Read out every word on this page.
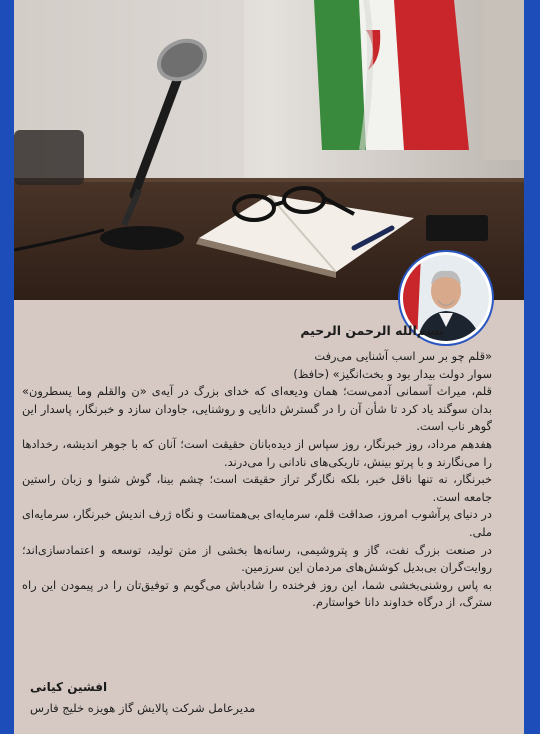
بسم‌الله الرحمن الرحیم

«قلم چو بر سر اسب آشنایی می‌رفت

سوار دولت بیدار بود و بخت‌انگیز» (حافظ)

قلم، میراث آسمانی آدمی‌ست؛ همان ودیعه‌ای که خدای بزرگ در آیه‌ی «ن والقلم وما یسطرون» بدان سوگند یاد کرد تا شأن آن را در گسترش دانایی و روشنایی، جاودان سازد و خبرنگار، پاسدار این گوهر ناب است.

هفدهم مرداد، روز خبرنگار، روز سپاس از دیده‌بانان حقیقت است؛ آنان که با جوهر اندیشه، رخدادها را می‌نگارند و با پرتو بینش، تاریکی‌های نادانی را می‌درند.

خبرنگار، نه تنها ناقل خبر، بلکه نگارگر تراز حقیقت است؛ چشم بینا، گوش شنوا و زبان راستین جامعه است.

در دنیای پرآشوب امروز، صداقت قلم، سرمایه‌ای بی‌همتاست و نگاه ژرف اندیش خبرنگار، سرمایه‌ای ملی.

در صنعت بزرگ نفت، گاز و پتروشیمی، رسانه‌ها بخشی از متن تولید، توسعه و اعتمادسازی‌اند؛ روایت‌گران بی‌بدیل کوشش‌های مردمان این سرزمین.

به پاس روشنی‌بخشی شما، این روز فرخنده را شادباش می‌گویم و توفیق‌تان را در پیمودن این راه سترگ، از درگاه خداوند دانا خواستارم.

افشین کیانی
مدیرعامل شرکت پالایش گاز هویزه خلیج فارس
